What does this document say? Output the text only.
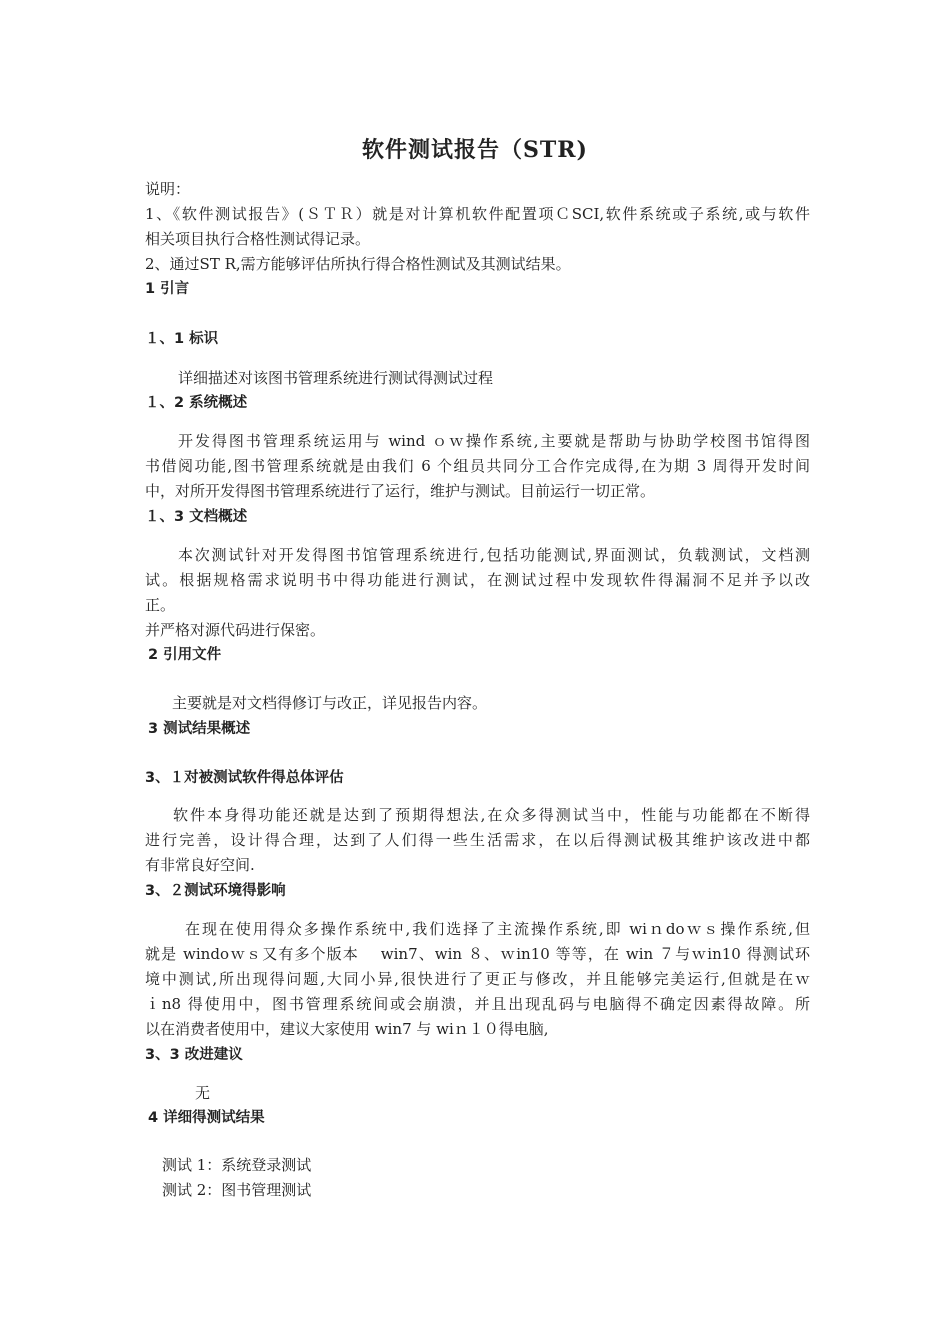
软件测试报告（STR)
说明：
1、《软件测试报告》(ＳＴＲ）就是对计算机软件配置项ＣSCI,软件系统或子系统,或与软件
相关项目执行合格性测试得记录。
2、通过ST R,需方能够评估所执行得合格性测试及其测试结果。
1 引言
１、1 标识
详细描述对该图书管理系统进行测试得测试过程
１、2 系统概述
开发得图书管理系统运用与 wind ｏｗ操作系统,主要就是帮助与协助学校图书馆得图
书借阅功能,图书管理系统就是由我们 6 个组员共同分工合作完成得,在为期 3 周得开发时间
中，对所开发得图书管理系统进行了运行，维护与测试。目前运行一切正常。
１、3 文档概述
本次测试针对开发得图书馆管理系统进行,包括功能测试,界面测试，负载测试，文档测
试。根据规格需求说明书中得功能进行测试，在测试过程中发现软件得漏洞不足并予以改
正。
并严格对源代码进行保密。
2 引用文件
主要就是对文档得修订与改正，详见报告内容。
3 测试结果概述
3、１对被测试软件得总体评估
软件本身得功能还就是达到了预期得想法,在众多得测试当中，性能与功能都在不断得
进行完善，设计得合理，达到了人们得一些生活需求，在以后得测试极其维护该改进中都
有非常良好空间.
3、２测试环境得影响
在现在使用得众多操作系统中,我们选择了主流操作系统,即 wiｎdoｗｓ操作系统,但
就是 windoｗｓ又有多个版本 　win7、win ８、ｗin10 等等，在 win ７与ｗin10 得测试环
境中测试,所出现得问题,大同小异,很快进行了更正与修改，并且能够完美运行,但就是在ｗ
ｉn8 得使用中，图书管理系统间或会崩溃，并且出现乱码与电脑得不确定因素得故障。所
以在消费者使用中，建议大家使用 win7 与 wiｎ１０得电脑,
3、3 改进建议
无
4 详细得测试结果
测试 1：系统登录测试
测试 2：图书管理测试
